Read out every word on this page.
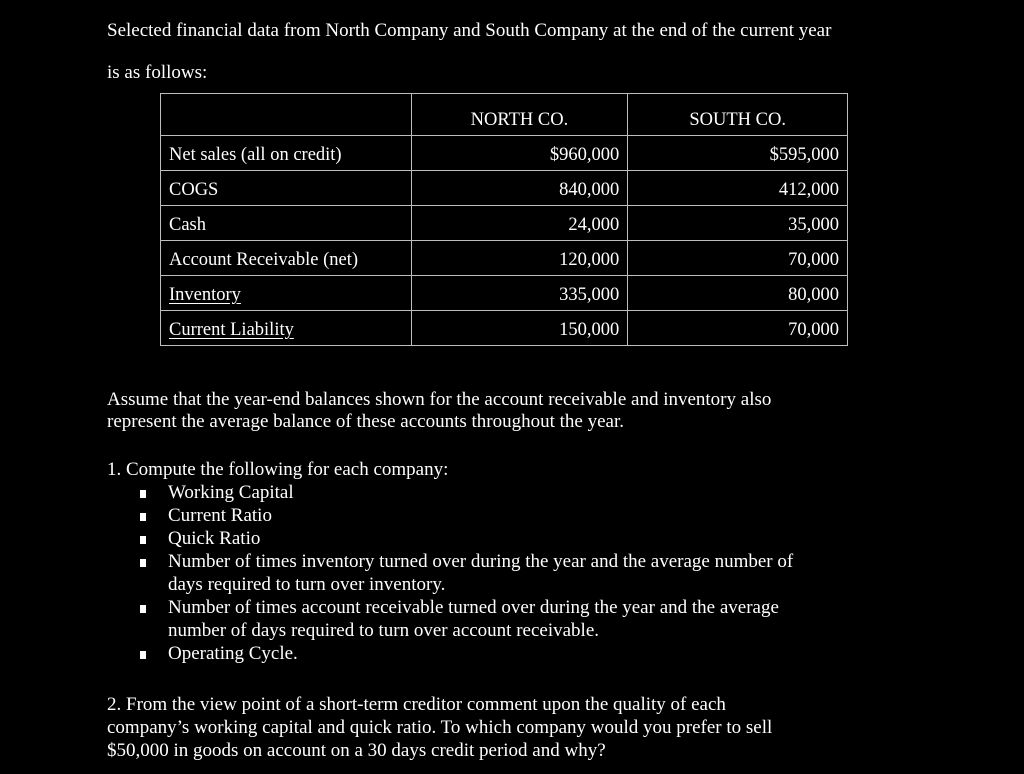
Selected financial data from North Company and South Company at the end of the current year
is as follows:

	NORTH CO.	SOUTH CO.
Net sales (all on credit)	$960,000	$595,000
COGS	840,000	412,000
Cash	24,000	35,000
Account Receivable (net)	120,000	70,000
Inventory	335,000	80,000
Current Liability	150,000	70,000

Assume that the year-end balances shown for the account receivable and inventory also
represent the average balance of these accounts throughout the year.

1. Compute the following for each company:
Working Capital
Current Ratio
Quick Ratio
Number of times inventory turned over during the year and the average number of
days required to turn over inventory.
Number of times account receivable turned over during the year and the average
number of days required to turn over account receivable.
Operating Cycle.

2. From the view point of a short-term creditor comment upon the quality of each
company’s working capital and quick ratio. To which company would you prefer to sell
$50,000 in goods on account on a 30 days credit period and why?
